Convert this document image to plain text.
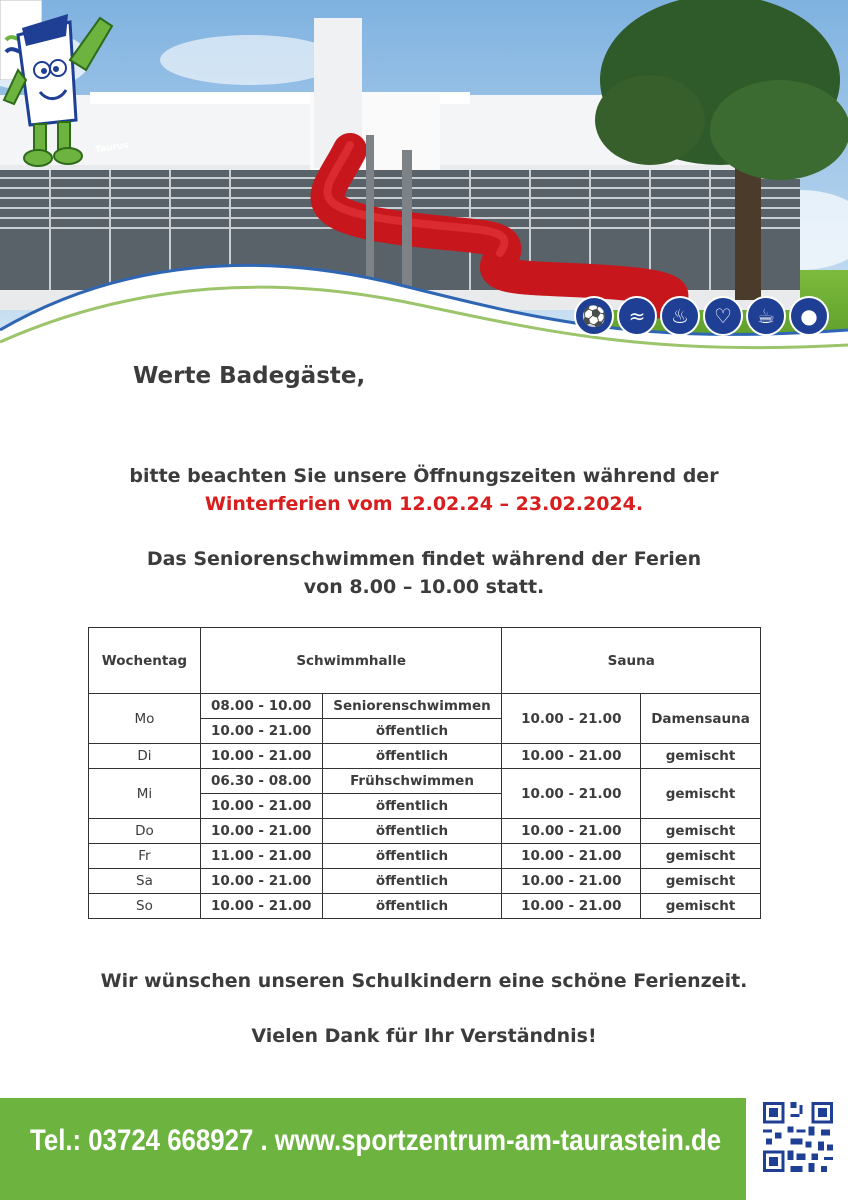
Taurus
⚽	≈	♨	♡	☕	●
Werte Badegäste,
bitte beachten Sie unsere Öffnungszeiten während der
Winterferien vom 12.02.24 – 23.02.2024.
Das Seniorenschwimmen findet während der Ferien
von 8.00 – 10.00 statt.
Wochentag	Schwimmhalle		Sauna	
Mo	08.00 - 10.00	Seniorenschwimmen	10.00 - 21.00	Damensauna
	10.00 - 21.00	öffentlich		
Di	10.00 - 21.00	öffentlich	10.00 - 21.00	gemischt
Mi	06.30 - 08.00	Frühschwimmen	10.00 - 21.00	gemischt
	10.00 - 21.00	öffentlich		
Do	10.00 - 21.00	öffentlich	10.00 - 21.00	gemischt
Fr	11.00 - 21.00	öffentlich	10.00 - 21.00	gemischt
Sa	10.00 - 21.00	öffentlich	10.00 - 21.00	gemischt
So	10.00 - 21.00	öffentlich	10.00 - 21.00	gemischt
Wir wünschen unseren Schulkindern eine schöne Ferienzeit.
Vielen Dank für Ihr Verständnis!
Tel.: 03724 668927 . www.sportzentrum-am-taurastein.de
